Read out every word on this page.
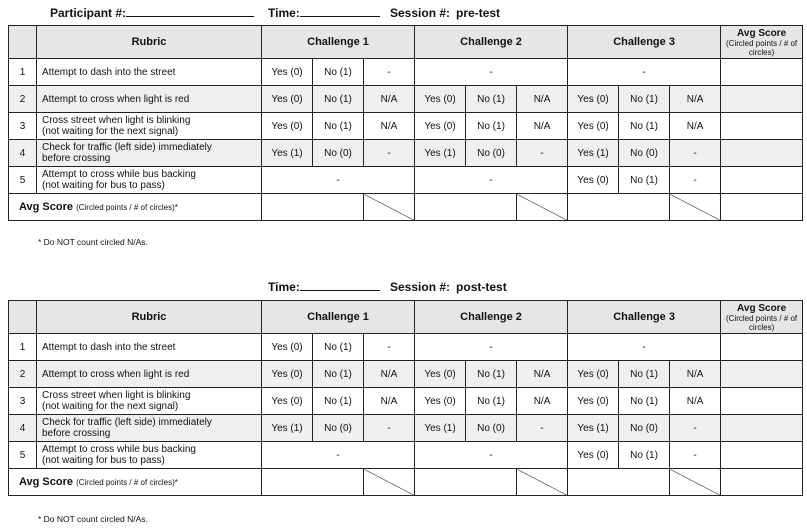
Participant #:	Time:	Session #: pre-test
	Rubric	Challenge 1			Challenge 2			Challenge 3			Avg Score
(Circled points / # of circles)

1	Attempt to dash into the street	Yes (0)	No (1)	-	-			-			
2	Attempt to cross when light is red	Yes (0)	No (1)	N/A	Yes (0)	No (1)	N/A	Yes (0)	No (1)	N/A	
3	Cross street when light is blinking
(not waiting for the next signal)	Yes (0)	No (1)	N/A	Yes (0)	No (1)	N/A	Yes (0)	No (1)	N/A	
4	Check for traffic (left side) immediately
before crossing	Yes (1)	No (0)	-	Yes (1)	No (0)	-	Yes (1)	No (0)	-	
5	Attempt to cross while bus backing
(not waiting for bus to pass)	-			-			Yes (0)	No (1)	-	
Avg Score (Circled points / # of circles)*											
* Do NOT count circled N/As.
Time:	Session #: post-test
	Rubric	Challenge 1			Challenge 2			Challenge 3			Avg Score
(Circled points / # of circles)

1	Attempt to dash into the street	Yes (0)	No (1)	-	-			-			
2	Attempt to cross when light is red	Yes (0)	No (1)	N/A	Yes (0)	No (1)	N/A	Yes (0)	No (1)	N/A	
3	Cross street when light is blinking
(not waiting for the next signal)	Yes (0)	No (1)	N/A	Yes (0)	No (1)	N/A	Yes (0)	No (1)	N/A	
4	Check for traffic (left side) immediately
before crossing	Yes (1)	No (0)	-	Yes (1)	No (0)	-	Yes (1)	No (0)	-	
5	Attempt to cross while bus backing
(not waiting for bus to pass)	-			-			Yes (0)	No (1)	-	
Avg Score (Circled points / # of circles)*											
* Do NOT count circled N/As.
